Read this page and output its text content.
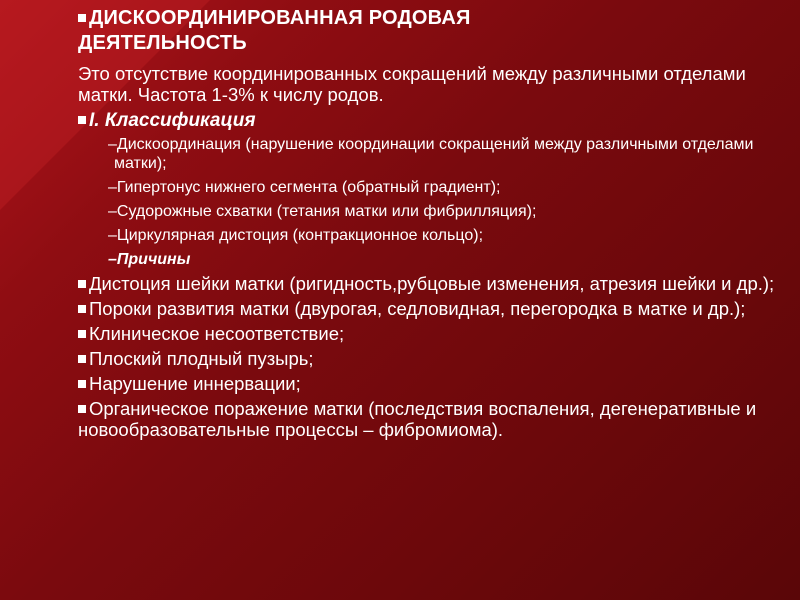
ДИСКООРДИНИРОВАННАЯ РОДОВАЯ ДЕЯТЕЛЬНОСТЬ

Это отсутствие координированных сокращений между различными отделами матки. Частота 1-3% к числу родов.

I. Классификация

–Дискоординация (нарушение координации сокращений между различными отделами матки);

–Гипертонус нижнего сегмента (обратный градиент);

–Судорожные схватки (тетания матки или фибрилляция);

–Циркулярная дистоция (контракционное кольцо);

–Причины

Дистоция шейки матки (ригидность,рубцовые изменения, атрезия шейки и др.);

Пороки развития матки (двурогая, седловидная, перегородка в матке и др.);

Клиническое несоответствие;

Плоский плодный пузырь;

Нарушение иннервации;

Органическое поражение матки (последствия воспаления, дегенеративные и новообразовательные процессы – фибромиома).
